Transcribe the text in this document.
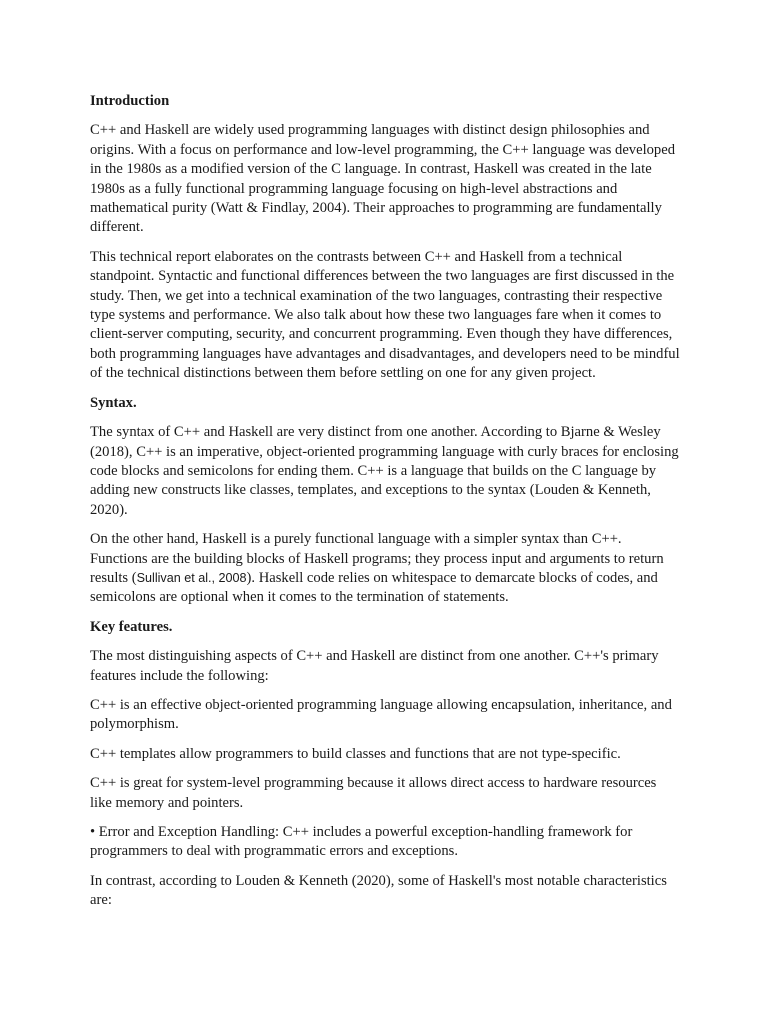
Introduction

C++ and Haskell are widely used programming languages with distinct design philosophies and origins. With a focus on performance and low-level programming, the C++ language was developed in the 1980s as a modified version of the C language. In contrast, Haskell was created in the late 1980s as a fully functional programming language focusing on high-level abstractions and mathematical purity (Watt & Findlay, 2004). Their approaches to programming are fundamentally different.

This technical report elaborates on the contrasts between C++ and Haskell from a technical standpoint. Syntactic and functional differences between the two languages are first discussed in the study. Then, we get into a technical examination of the two languages, contrasting their respective type systems and performance. We also talk about how these two languages fare when it comes to client-server computing, security, and concurrent programming. Even though they have differences, both programming languages have advantages and disadvantages, and developers need to be mindful of the technical distinctions between them before settling on one for any given project.

Syntax.

The syntax of C++ and Haskell are very distinct from one another. According to Bjarne & Wesley (2018), C++ is an imperative, object-oriented programming language with curly braces for enclosing code blocks and semicolons for ending them. C++ is a language that builds on the C language by adding new constructs like classes, templates, and exceptions to the syntax (Louden & Kenneth, 2020).

On the other hand, Haskell is a purely functional language with a simpler syntax than C++. Functions are the building blocks of Haskell programs; they process input and arguments to return results (Sullivan et al., 2008). Haskell code relies on whitespace to demarcate blocks of codes, and semicolons are optional when it comes to the termination of statements.

Key features.

The most distinguishing aspects of C++ and Haskell are distinct from one another. C++'s primary features include the following:

C++ is an effective object-oriented programming language allowing encapsulation, inheritance, and polymorphism.

C++ templates allow programmers to build classes and functions that are not type-specific.

C++ is great for system-level programming because it allows direct access to hardware resources like memory and pointers.

• Error and Exception Handling: C++ includes a powerful exception-handling framework for programmers to deal with programmatic errors and exceptions.

In contrast, according to Louden & Kenneth (2020), some of Haskell's most notable characteristics are:
